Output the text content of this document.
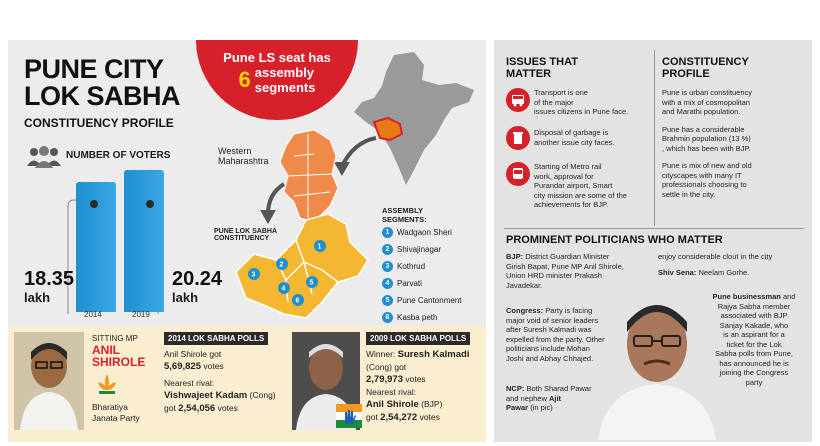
PUNE CITY
LOK SABHA
CONSTITUENCY PROFILE
NUMBER OF VOTERS
2014	2019
18.35
lakh
20.24
lakh
Pune LS seat has
6 assembly
segments
Western
Maharashtra
PUNE LOK SABHA
CONSTITUENCY
1
2
3
4
5
6
ASSEMBLY
SEGMENTS:
1 Wadgaon Sheri
2 Shivajinagar
3 Kothrud
4 Parvati
5 Pune Cantonment
6 Kasba peth
SITTING MP
ANIL
SHIROLE
Bharatiya
Janata Party
2014 LOK SABHA POLLS
Anil Shirole got
5,69,825 votes
Nearest rival:
Vishwajeet Kadam (Cong)
got 2,54,056 votes
2009 LOK SABHA POLLS
Winner: Suresh Kalmadi
(Cong) got
2,79,973 votes
Nearest rival:
Anil Shirole (BJP)
got 2,54,272 votes
ISSUES THAT
MATTER
Transport is one
of the major
issues citizens in Pune face.
Disposal of garbage is
another issue city faces.
Starting of Metro rail
work, approval for
Purandar airport, Smart
city mission are some of the
achievements for BJP.
CONSTITUENCY
PROFILE
Pune is urban constituency
with a mix of cosmopolitan
and Marathi population.
Pune has a considerable
Brahmin population (13 %)
, which has been with BJP.
Pune is mix of new and old
cityscapes with many IT
professionals choosing to
settle in the city.
PROMINENT POLITICIANS WHO MATTER
BJP: District Guardian Minister
Girish Bapat, Pune MP Anil Shirole,
Union HRD minister Prakash
Javadekar.
enjoy considerable clout in the city
Shiv Sena: Neelam Gorhe.
Congress: Party is facing
major void of senior leaders
after Suresh Kalmadi was
expelled from the party. Other
politicians include Mohan
Joshi and Abhay Chhajed.
NCP: Both Sharad Pawar
and nephew Ajit
Pawar (in pic)
Pune businessman and
Rajya Sabha member
associated with BJP
Sanjay Kakade, who
is an aspirant for a
ticket for the Lok
Sabha polls from Pune,
has announced he is
joining the Congress
party
